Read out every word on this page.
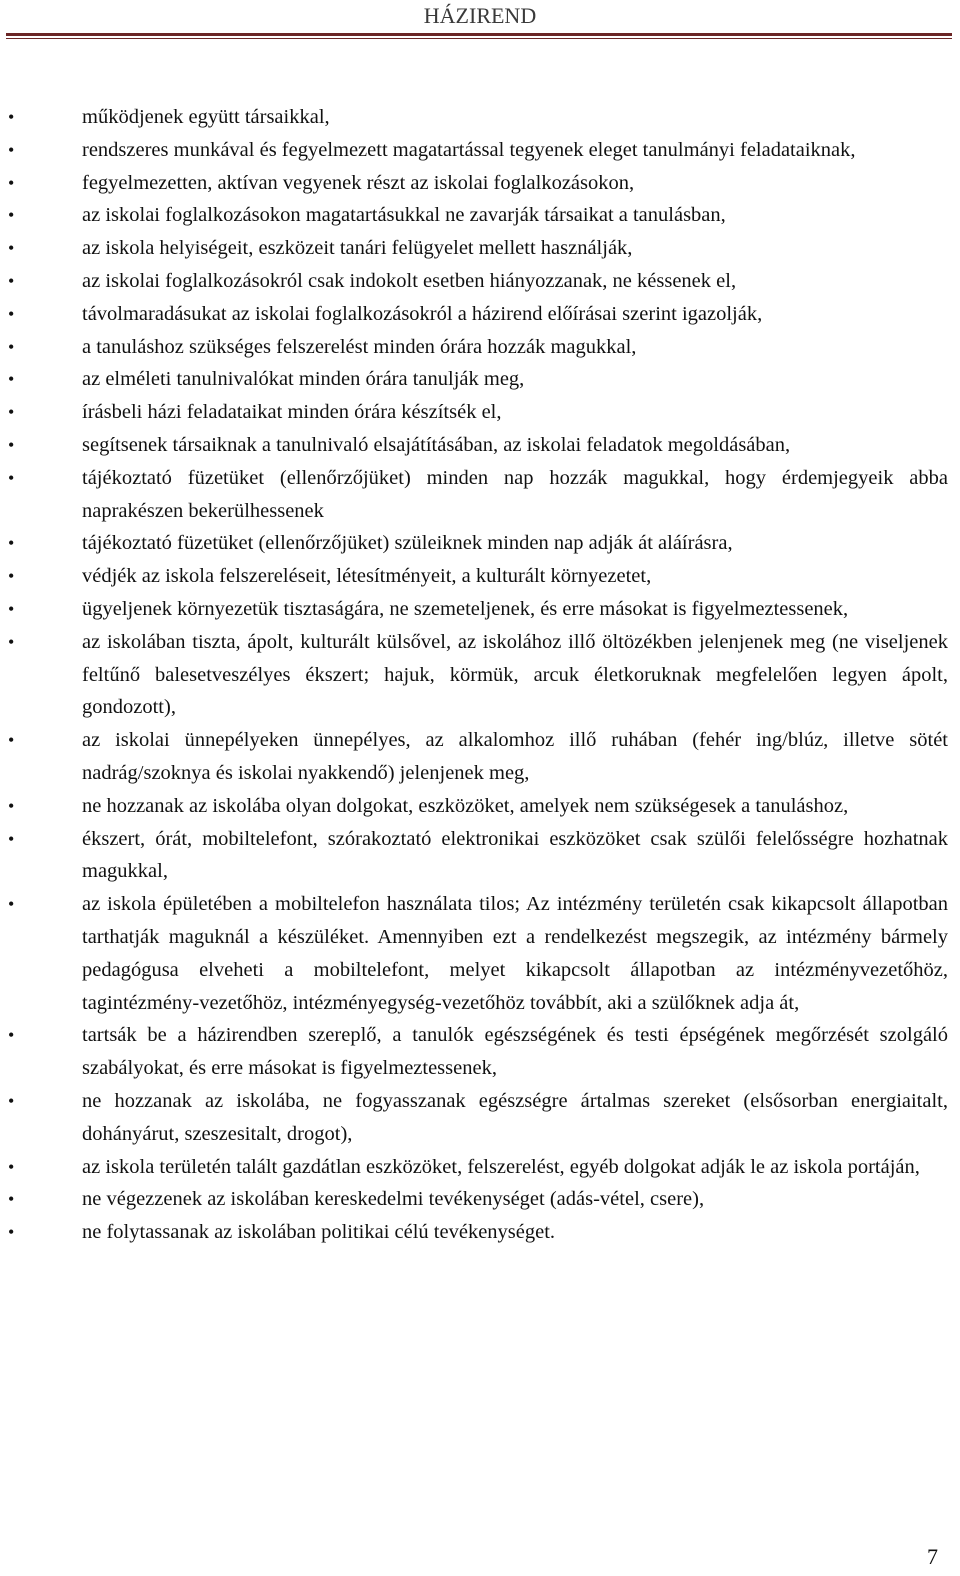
HÁZIREND
•	működjenek együtt társaikkal,
•	rendszeres munkával és fegyelmezett magatartással tegyenek eleget tanulmányi feladataiknak,
•	fegyelmezetten, aktívan vegyenek részt az iskolai foglalkozásokon,
•	az iskolai foglalkozásokon magatartásukkal ne zavarják társaikat a tanulásban,
•	az iskola helyiségeit, eszközeit tanári felügyelet mellett használják,
•	az iskolai foglalkozásokról csak indokolt esetben hiányozzanak, ne késsenek el,
•	távolmaradásukat az iskolai foglalkozásokról a házirend előírásai szerint igazolják,
•	a tanuláshoz szükséges felszerelést minden órára hozzák magukkal,
•	az elméleti tanulnivalókat minden órára tanulják meg,
•	írásbeli házi feladataikat minden órára készítsék el,
•	segítsenek társaiknak a tanulnivaló elsajátításában, az iskolai feladatok megoldásában,
•	tájékoztató füzetüket (ellenőrzőjüket) minden nap hozzák magukkal, hogy érdemjegyeik abba naprakészen bekerülhessenek
•	tájékoztató füzetüket (ellenőrzőjüket) szüleiknek minden nap adják át aláírásra,
•	védjék az iskola felszereléseit, létesítményeit, a kulturált környezetet,
•	ügyeljenek környezetük tisztaságára, ne szemeteljenek, és erre másokat is figyelmeztessenek,
•	az iskolában tiszta, ápolt, kulturált külsővel, az iskolához illő öltözékben jelenjenek meg (ne viseljenek feltűnő balesetveszélyes ékszert; hajuk, körmük, arcuk életkoruknak megfelelően legyen ápolt, gondozott),
•	az iskolai ünnepélyeken ünnepélyes, az alkalomhoz illő ruhában (fehér ing/blúz, illetve sötét nadrág/szoknya és iskolai nyakkendő) jelenjenek meg,
•	ne hozzanak az iskolába olyan dolgokat, eszközöket, amelyek nem szükségesek a tanuláshoz,
•	ékszert, órát, mobiltelefont, szórakoztató elektronikai eszközöket csak szülői felelősségre hozhatnak magukkal,
•	az iskola épületében a mobiltelefon használata tilos; Az intézmény területén csak kikapcsolt állapotban tarthatják maguknál a készüléket. Amennyiben ezt a rendelkezést megszegik, az intézmény bármely pedagógusa elveheti a mobiltelefont, melyet kikapcsolt állapotban az intézményvezetőhöz, tagintézmény-vezetőhöz, intézményegység-vezetőhöz továbbít, aki a szülőknek adja át,
•	tartsák be a házirendben szereplő, a tanulók egészségének és testi épségének megőrzését szolgáló szabályokat, és erre másokat is figyelmeztessenek,
•	ne hozzanak az iskolába, ne fogyasszanak egészségre ártalmas szereket (elsősorban energiaitalt, dohányárut, szeszesitalt, drogot),
•	az iskola területén talált gazdátlan eszközöket, felszerelést, egyéb dolgokat adják le az iskola portáján,
•	ne végezzenek az iskolában kereskedelmi tevékenységet (adás-vétel, csere),
•	ne folytassanak az iskolában politikai célú tevékenységet.
7
